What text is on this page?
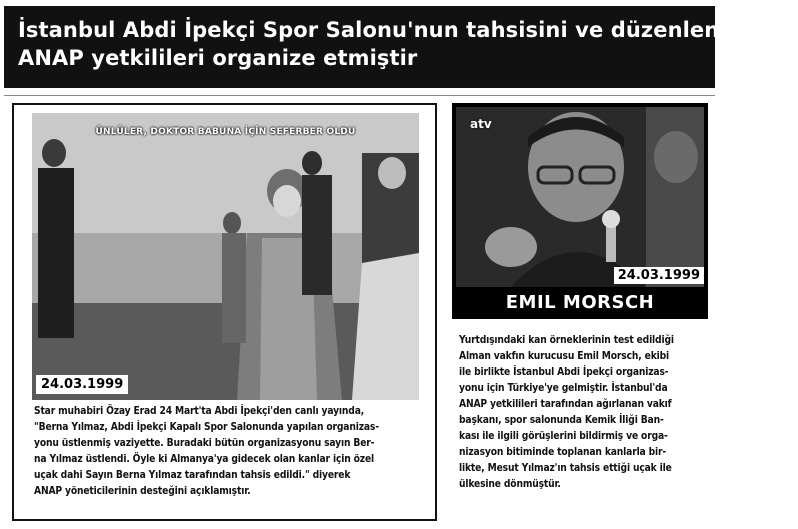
İstanbul Abdi İpekçi Spor Salonu'nun tahsisini ve düzenlenmesini
ANAP yetkilileri organize etmiştir
ÜNLÜLER, DOKTOR BABUNA İÇİN SEFERBER OLDU
24.03.1999
Star muhabiri Özay Erad 24 Mart'ta Abdi İpekçi'den canlı yayında,
"Berna Yılmaz, Abdi İpekçi Kapalı Spor Salonunda yapılan organizas-
yonu üstlenmiş vaziyette. Buradaki bütün organizasyonu sayın Ber-
na Yılmaz üstlendi. Öyle ki Almanya'ya gidecek olan kanlar için özel
uçak dahi Sayın Berna Yılmaz tarafından tahsis edildi." diyerek
ANAP yöneticilerinin desteğini açıklamıştır.
atv
24.03.1999
EMIL MORSCH
Yurtdışındaki kan örneklerinin test edildiği
Alman vakfın kurucusu Emil Morsch, ekibi
ile birlikte İstanbul Abdi İpekçi organizas-
yonu için Türkiye'ye gelmiştir. İstanbul'da
ANAP yetkilileri tarafından ağırlanan vakıf
başkanı, spor salonunda Kemik İliği Ban-
kası ile ilgili görüşlerini bildirmiş ve orga-
nizasyon bitiminde toplanan kanlarla bir-
likte, Mesut Yılmaz'ın tahsis ettiği uçak ile
ülkesine dönmüştür.
